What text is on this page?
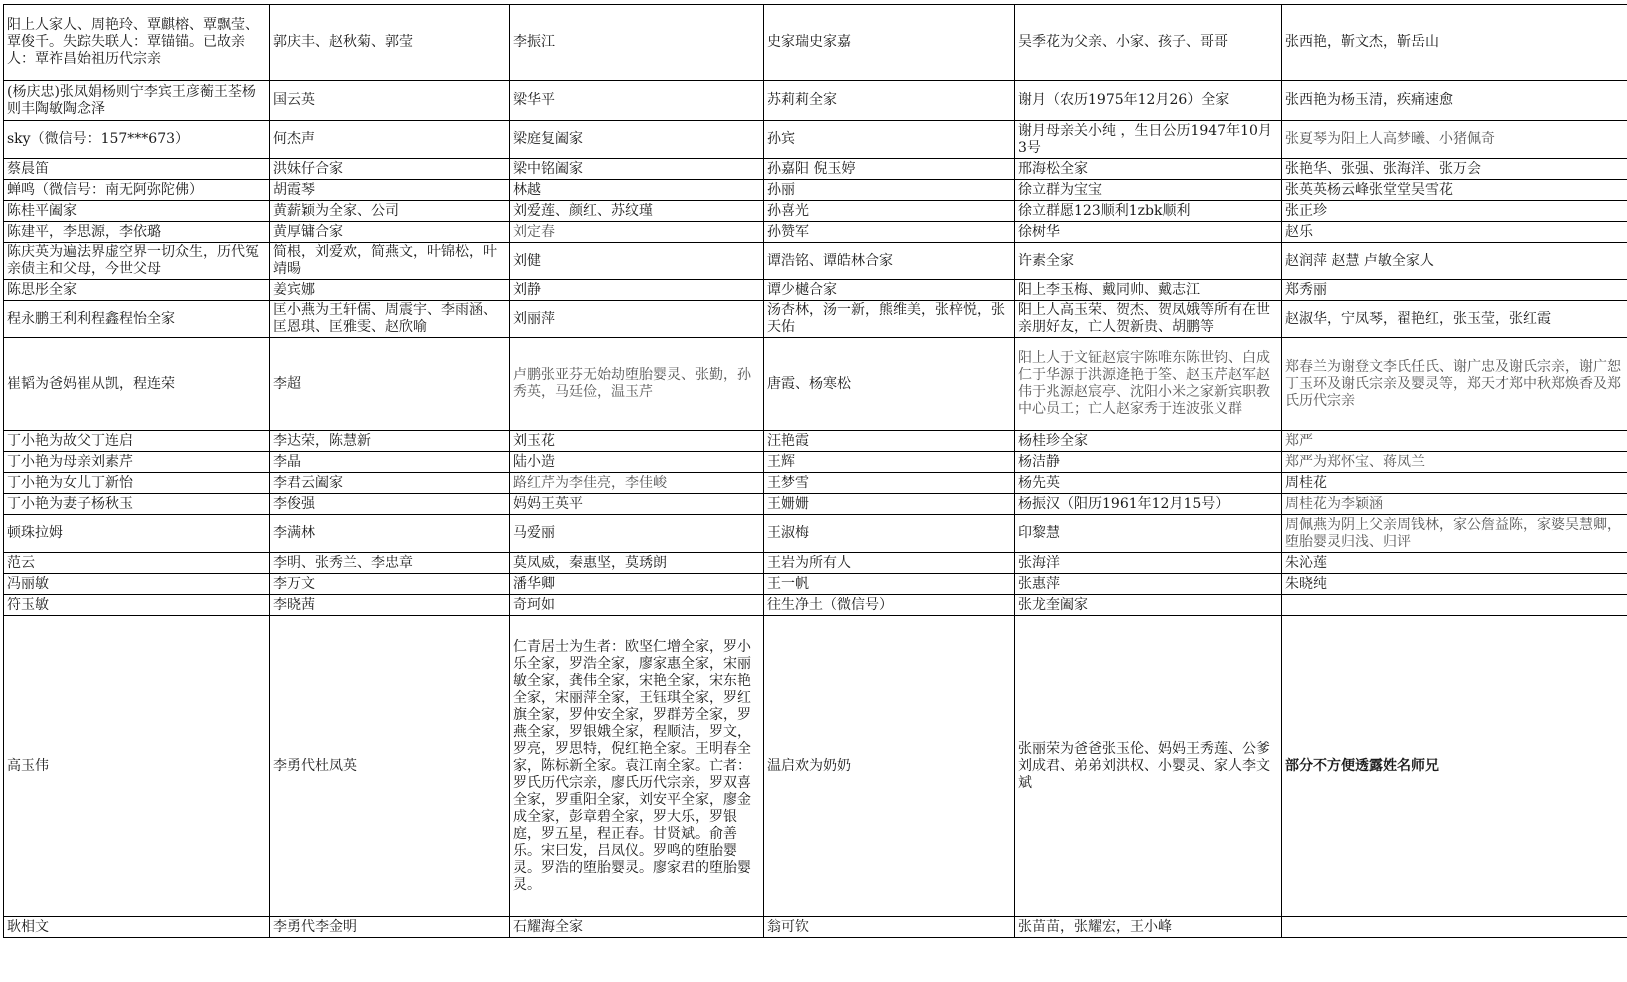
阳上人家人、周艳玲、覃麒榕、覃飘莹、覃俊千。失踪失联人：覃锚锚。已故亲人：覃祚昌始祖历代宗亲	郭庆丰、赵秋菊、郭莹	李振江	史家瑞史家嘉	吴季花为父亲、小家、孩子、哥哥	张西艳，靳文杰，靳岳山
(杨庆忠)张凤娟杨则宁李宾王彦蘅王荃杨则丰陶敏陶念泽	国云英	梁华平	苏莉莉全家	谢月（农历1975年12月26）全家	张西艳为杨玉清，疾痛速愈
sky（微信号：157***673）	何杰声	梁庭复阖家	孙宾	谢月母亲关小纯 ，生日公历1947年10月3号	张夏琴为阳上人高梦曦、小猪佩奇
蔡晨笛	洪妹仔合家	梁中铭阖家	孙嘉阳 倪玉婷	邢海松全家	张艳华、张强、张海洋、张万会
蝉鸣（微信号：南无阿弥陀佛）	胡霞琴	林越	孙丽	徐立群为宝宝	张英英杨云峰张堂堂吴雪花
陈桂平阖家	黄薪颖为全家、公司	刘爱莲、颜红、苏纹瑾	孙喜光	徐立群愿123顺利1zbk顺利	张正珍
陈建平，李思源，李依璐	黄厚镛合家	刘定春	孙赞军	徐树华	赵乐
陈庆英为遍法界虚空界一切众生，历代冤亲债主和父母，今世父母	简根，刘爱欢，简燕文，叶锦松，叶靖暘	刘健	谭浩铭、谭皓林合家	许素全家	赵润萍 赵慧 卢敏全家人
陈思彤全家	姜宾娜	刘静	谭少樾合家	阳上李玉梅、戴同帅、戴志江	郑秀丽
程永鹏王利利程鑫程怡全家	匡小燕为王轩儒、周震宇、李雨涵、匡恩琪、匡雅雯、赵欣喻	刘丽萍	汤杏林，汤一新，熊维美，张梓悦，张天佑	阳上人高玉荣、贺杰、贺凤娥等所有在世亲朋好友，亡人贺新贵、胡鹏等	赵淑华，宁凤琴，翟艳红，张玉莹，张红霞
崔韬为爸妈崔从凯，程连荣	李超	卢鹏张亚芬无始劫堕胎婴灵、张勤，孙秀英，马廷俭，温玉芹	唐霞、杨寒松	阳上人于文钲赵宸宇陈唯东陈世钧、白成仁于华源于洪源逄艳于筌、赵玉芹赵军赵伟于兆源赵宸亭、沈阳小米之家新宾职教中心员工；亡人赵家秀于连波张义群	郑春兰为谢登文李氏任氏、谢广忠及谢氏宗亲，谢广恕丁玉环及谢氏宗亲及婴灵等，郑天才郑中秋郑焕香及郑氏历代宗亲
丁小艳为故父丁连启	李达荣，陈慧新	刘玉花	汪艳霞	杨桂珍全家	郑严
丁小艳为母亲刘素芹	李晶	陆小造	王辉	杨洁静	郑严为郑怀宝、蒋凤兰
丁小艳为女儿丁新怡	李君云阖家	路红芹为李佳亮，李佳峻	王梦雪	杨先英	周桂花
丁小艳为妻子杨秋玉	李俊强	妈妈王英平	王姗姗	杨振汉（阳历1961年12月15号）	周桂花为李颖涵
顿珠拉姆	李满林	马爱丽	王淑梅	印黎慧	周佩燕为阴上父亲周钱林，家公詹益陈，家婆吴慧卿，堕胎婴灵归浅、归评
范云	李明、张秀兰、李忠章	莫凤威，秦惠坚，莫琇朗	王岩为所有人	张海洋	朱沁莲
冯丽敏	李万文	潘华卿	王一帆	张惠萍	朱晓纯
符玉敏	李晓茜	奇珂如	往生净土（微信号）	张龙奎阖家	
高玉伟	李勇代杜凤英	仁青居士为生者：欧坚仁增全家，罗小乐全家，罗浩全家，廖家惠全家，宋丽敏全家，龚伟全家，宋艳全家，宋东艳全家，宋丽萍全家，王钰琪全家，罗红旗全家，罗仲安全家，罗群芳全家，罗燕全家，罗银娥全家，程顺洁，罗文，罗亮，罗思特，倪红艳全家。王明春全家，陈标新全家。袁江南全家。亡者：罗氏历代宗亲，廖氏历代宗亲，罗双喜全家，罗重阳全家，刘安平全家，廖金成全家，彭章碧全家，罗大乐，罗银庭，罗五星，程正春。甘贤斌。俞善乐。宋曰发，吕凤仪。罗鸣的堕胎婴灵。罗浩的堕胎婴灵。廖家君的堕胎婴灵。	温启欢为奶奶	张丽荣为爸爸张玉伦、妈妈王秀莲、公爹刘成君、弟弟刘洪权、小婴灵、家人李文斌	部分不方便透露姓名师兄
耿相文	李勇代李金明	石耀海全家	翁可钦	张苗苗，张耀宏，王小峰	
